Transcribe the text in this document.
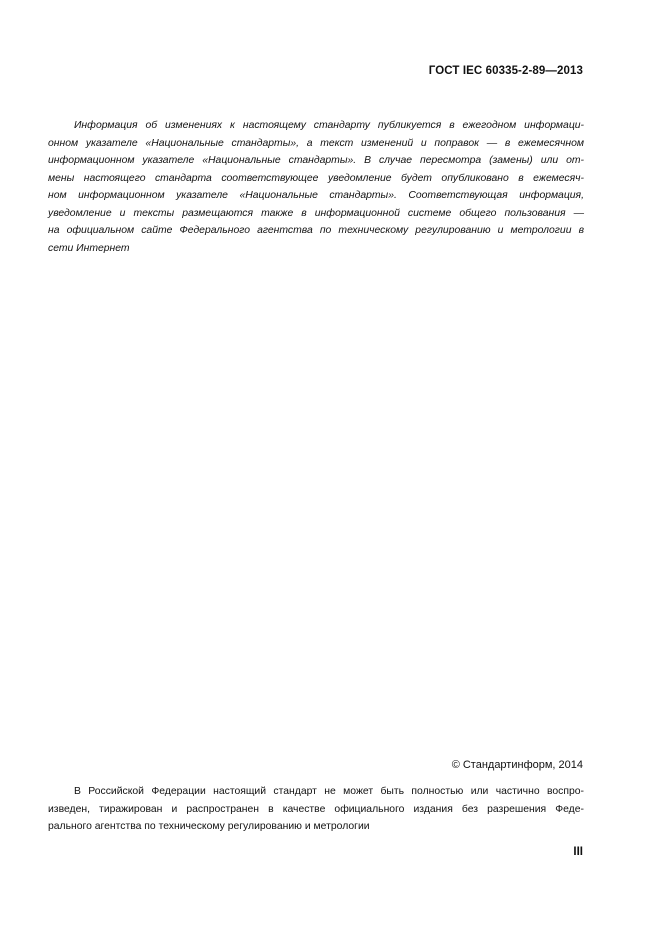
ГОСТ IEC 60335-2-89—2013
Информация об изменениях к настоящему стандарту публикуется в ежегодном информаци-
онном указателе «Национальные стандарты», а текст изменений и поправок — в ежемесячном
информационном указателе «Национальные стандарты». В случае пересмотра (замены) или от-
мены настоящего стандарта соответствующее уведомление будет опубликовано в ежемесяч-
ном информационном указателе «Национальные стандарты». Соответствующая информация,
уведомление и тексты размещаются также в информационной системе общего пользования —
на официальном сайте Федерального агентства по техническому регулированию и метрологии в
сети Интернет
© Стандартинформ, 2014
В Российской Федерации настоящий стандарт не может быть полностью или частично воспро-
изведен, тиражирован и распространен в качестве официального издания без разрешения Феде-
рального агентства по техническому регулированию и метрологии
III
